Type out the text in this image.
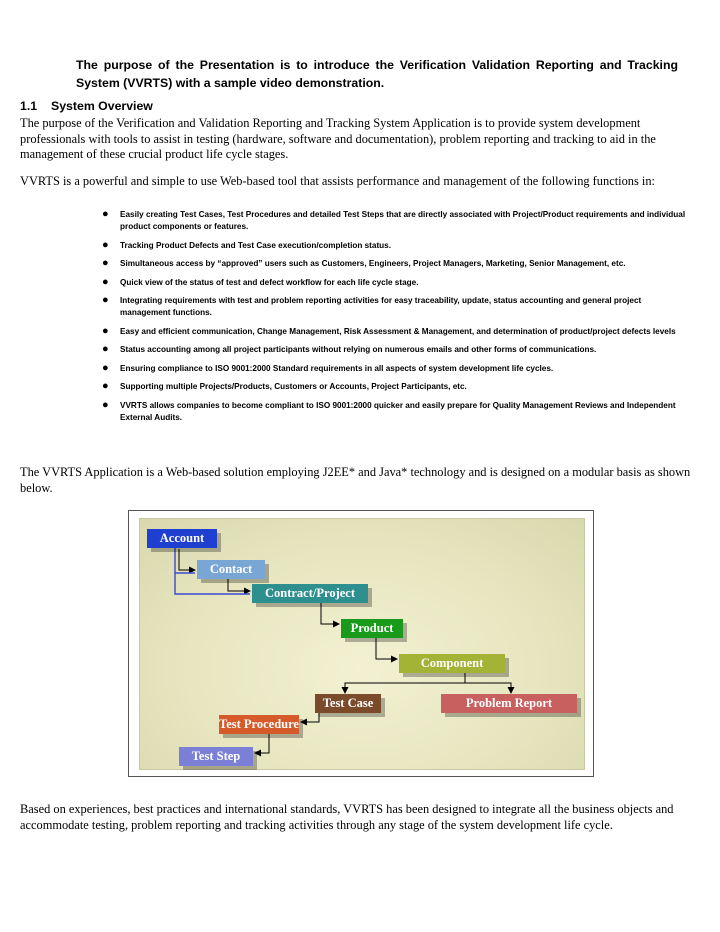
The purpose of the Presentation is to introduce the Verification Validation Reporting and Tracking System (VVRTS) with a sample video demonstration.
1.1 System Overview
The purpose of the Verification and Validation Reporting and Tracking System Application is to provide system development professionals with tools to assist in testing (hardware, software and documentation), problem reporting and tracking to aid in the management of these crucial product life cycle stages.
VVRTS is a powerful and simple to use Web-based tool that assists performance and management of the following functions in:
● Easily creating Test Cases, Test Procedures and detailed Test Steps that are directly associated with Project/Product requirements and individual product components or features.
● Tracking Product Defects and Test Case execution/completion status.
● Simultaneous access by “approved” users such as Customers, Engineers, Project Managers, Marketing, Senior Management, etc.
● Quick view of the status of test and defect workflow for each life cycle stage.
● Integrating requirements with test and problem reporting activities for easy traceability, update, status accounting and general project management functions.
● Easy and efficient communication, Change Management, Risk Assessment & Management, and determination of product/project defects levels
● Status accounting among all project participants without relying on numerous emails and other forms of communications.
● Ensuring compliance to ISO 9001:2000 Standard requirements in all aspects of system development life cycles.
● Supporting multiple Projects/Products, Customers or Accounts, Project Participants, etc.
● VVRTS allows companies to become compliant to ISO 9001:2000 quicker and easily prepare for Quality Management Reviews and Independent External Audits.
The VVRTS Application is a Web-based solution employing J2EE* and Java* technology and is designed on a modular basis as shown below.
Account
Contact
Contract/Project
Product
Component
Test Case	Problem Report
Test Procedure
Test Step
Based on experiences, best practices and international standards, VVRTS has been designed to integrate all the business objects and accommodate testing, problem reporting and tracking activities through any stage of the system development life cycle.
